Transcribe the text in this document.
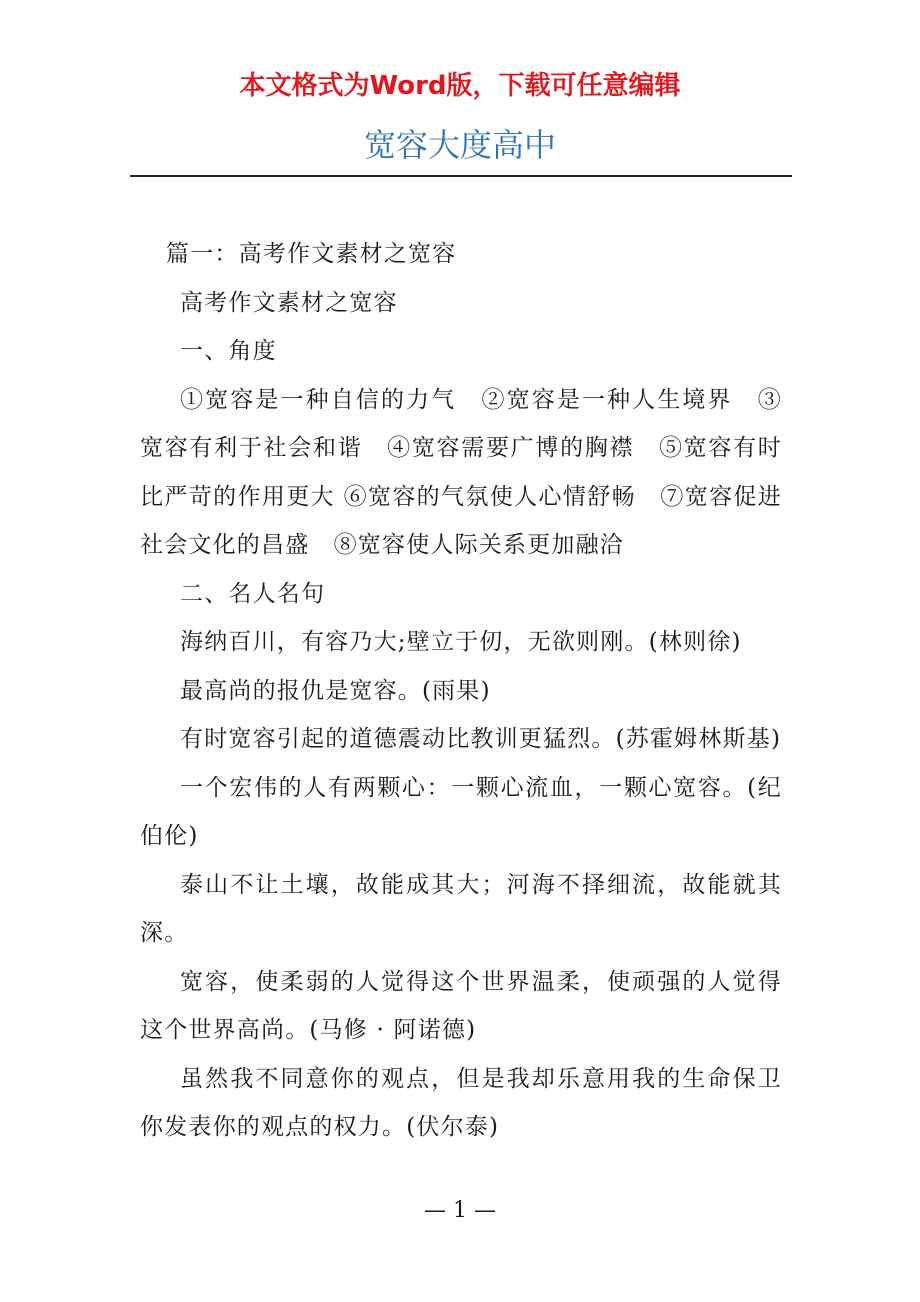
本文格式为Word版，下载可任意编辑
宽容大度高中

篇一：高考作文素材之宽容

高考作文素材之宽容

一、角度

①宽容是一种自信的力气　②宽容是一种人生境界　③宽容有利于社会和谐　④宽容需要广博的胸襟　⑤宽容有时比严苛的作用更大 ⑥宽容的气氛使人心情舒畅　⑦宽容促进社会文化的昌盛　⑧宽容使人际关系更加融洽

二、名人名句

海纳百川，有容乃大;壁立于仞，无欲则刚。(林则徐)

最高尚的报仇是宽容。(雨果)

有时宽容引起的道德震动比教训更猛烈。(苏霍姆林斯基)

一个宏伟的人有两颗心：一颗心流血，一颗心宽容。(纪伯伦)

泰山不让土壤，故能成其大；河海不择细流，故能就其深。

宽容，使柔弱的人觉得这个世界温柔，使顽强的人觉得这个世界高尚。(马修 · 阿诺德)

虽然我不同意你的观点，但是我却乐意用我的生命保卫你发表你的观点的权力。(伏尔泰)

— 1 —
